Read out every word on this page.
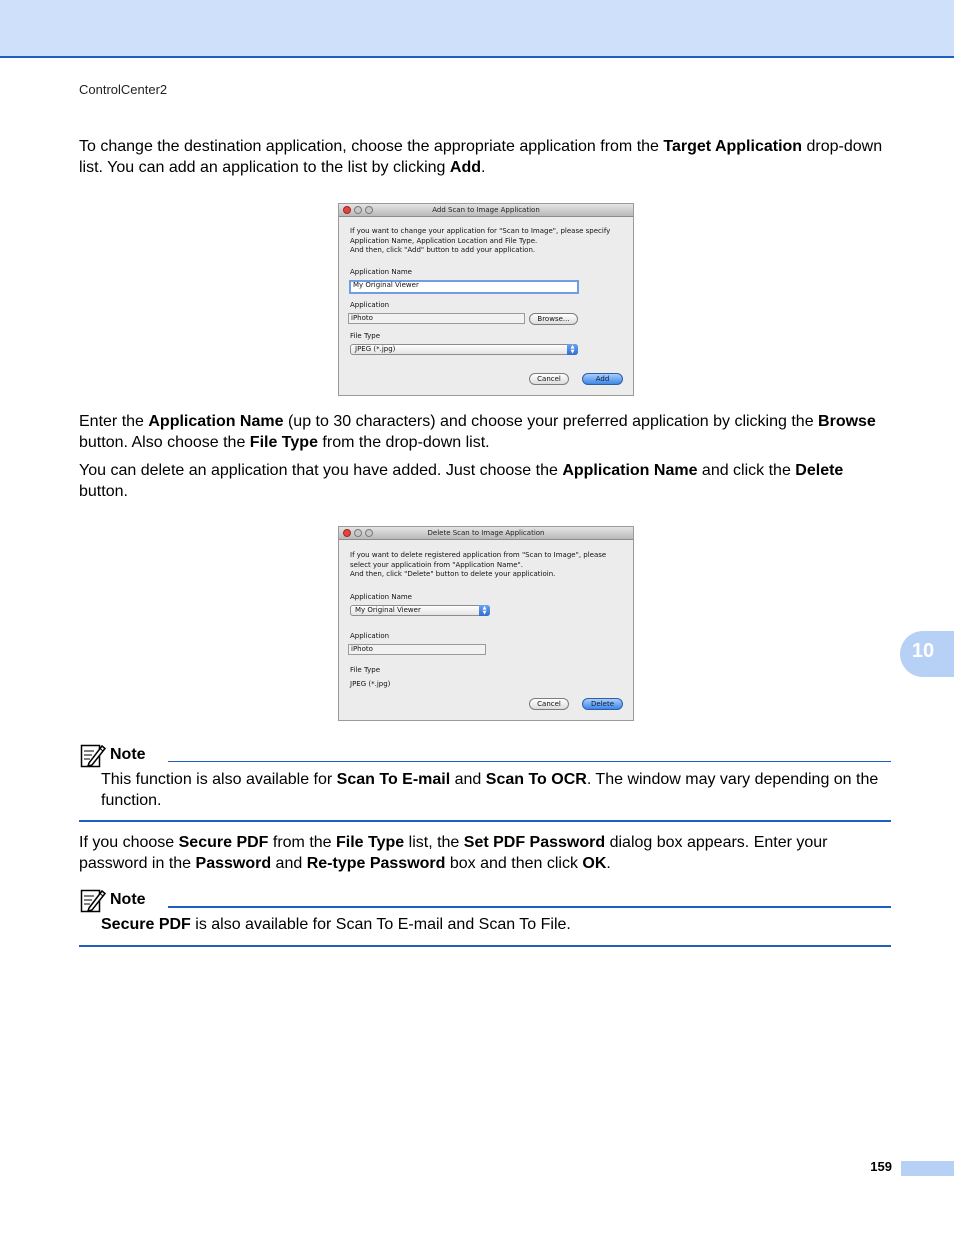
ControlCenter2

To change the destination application, choose the appropriate application from the Target Application drop-down list. You can add an application to the list by clicking Add.

Add Scan to Image Application
If you want to change your application for "Scan to Image", please specify
Application Name, Application Location and File Type.
And then, click "Add" button to add your application.
Application Name
My Original Viewer
Application
iPhoto	Browse...
File Type
JPEG (*.jpg)	▲
▼
Cancel	Add

Enter the Application Name (up to 30 characters) and choose your preferred application by clicking the Browse button. Also choose the File Type from the drop-down list.

You can delete an application that you have added. Just choose the Application Name and click the Delete button.

Delete Scan to Image Application
If you want to delete registered application from "Scan to Image", please
select your applicatioin from "Application Name".
And then, click "Delete" button to delete your applicatioin.
Application Name
My Original Viewer	▲
▼
Application
iPhoto
File Type
JPEG (*.jpg)
Cancel	Delete
Note

This function is also available for Scan To E-mail and Scan To OCR. The window may vary depending on the function.

If you choose Secure PDF from the File Type list, the Set PDF Password dialog box appears. Enter your password in the Password and Re-type Password box and then click OK.

Note

Secure PDF is also available for Scan To E-mail and Scan To File.

10
159
